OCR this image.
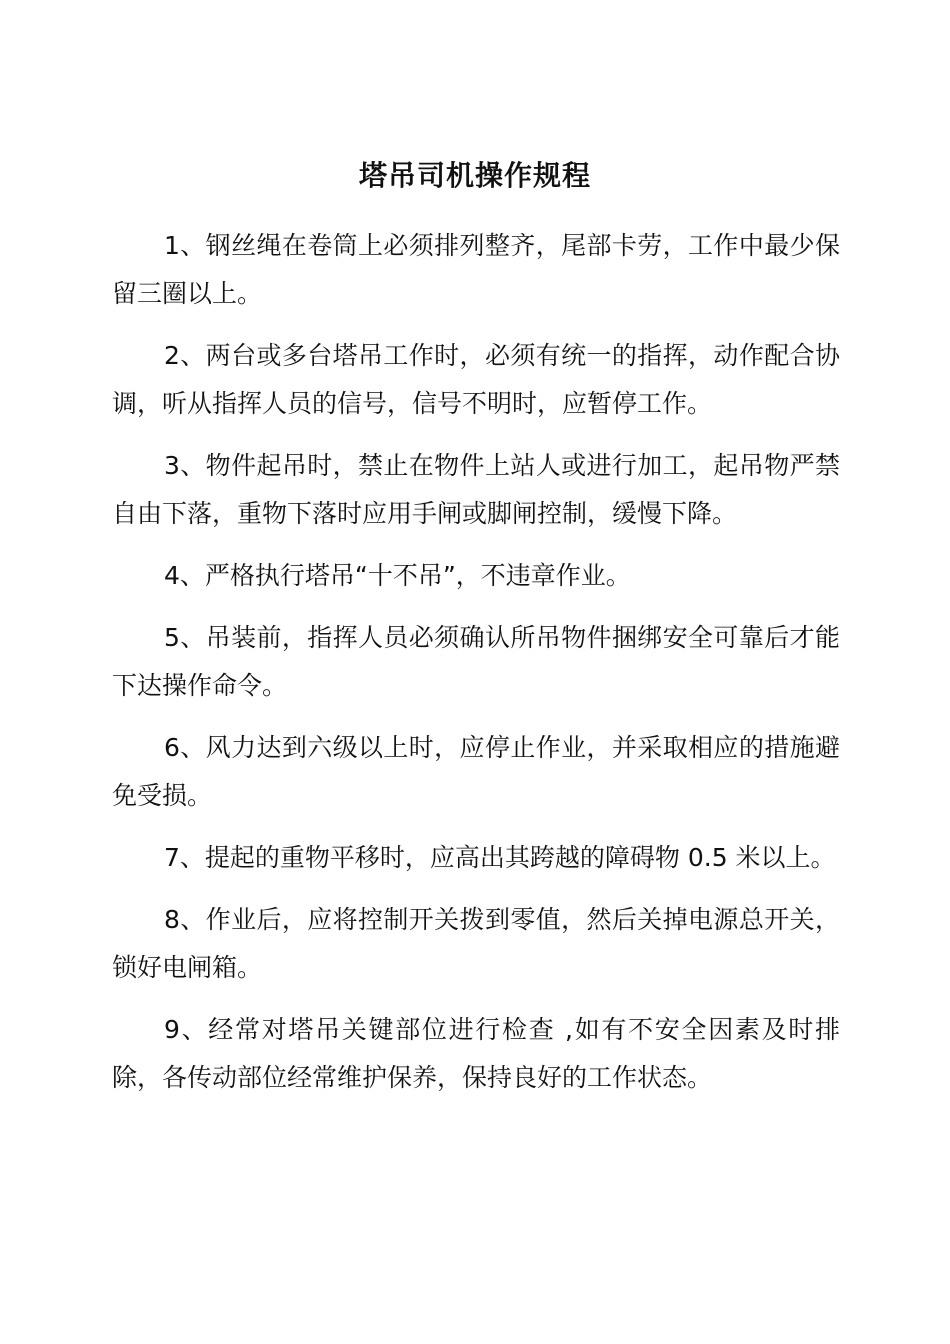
塔吊司机操作规程

1、钢丝绳在卷筒上必须排列整齐，尾部卡劳，工作中最少保留三圈以上。

2、两台或多台塔吊工作时，必须有统一的指挥，动作配合协调，听从指挥人员的信号，信号不明时，应暂停工作。

3、物件起吊时，禁止在物件上站人或进行加工，起吊物严禁自由下落，重物下落时应用手闸或脚闸控制，缓慢下降。

4、严格执行塔吊“十不吊”，不违章作业。

5、吊装前，指挥人员必须确认所吊物件捆绑安全可靠后才能下达操作命令。

6、风力达到六级以上时，应停止作业，并采取相应的措施避免受损。

7、提起的重物平移时，应高出其跨越的障碍物 0.5 米以上。

8、作业后，应将控制开关拨到零值，然后关掉电源总开关，锁好电闸箱。

9、经常对塔吊关键部位进行检查 ,如有不安全因素及时排除，各传动部位经常维护保养，保持良好的工作状态。
